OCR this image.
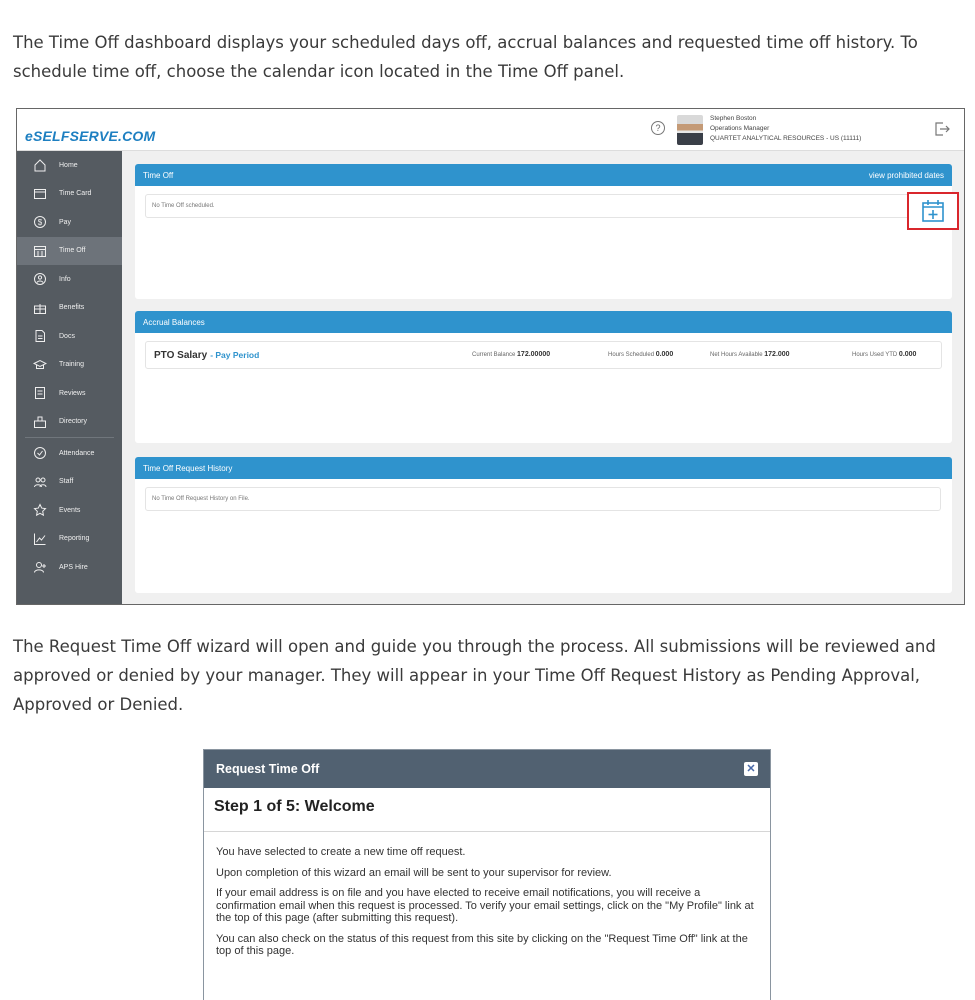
The Time Off dashboard displays your scheduled days off, accrual balances and requested time off history. To schedule time off, choose the calendar icon located in the Time Off panel.
eSELFSERVE.COM	?
Stephen Boston
Operations Manager
QUARTET ANALYTICAL RESOURCES - US (11111)
Home
Time Card
$ Pay
Time Off
Info
Benefits
Docs
Training
Reviews
Directory
Attendance
Staff
Events
Reporting
APS Hire
Time Off	view prohibited dates
No Time Off scheduled.
Accrual Balances
PTO Salary - Pay Period	Current Balance 172.00000	Hours Scheduled 0.000	Net Hours Available 172.000	Hours Used YTD 0.000
Time Off Request History
No Time Off Request History on File.
The Request Time Off wizard will open and guide you through the process. All submissions will be reviewed and approved or denied by your manager. They will appear in your Time Off Request History as Pending Approval, Approved or Denied.
Request Time Off	✕
Step 1 of 5: Welcome

You have selected to create a new time off request.

Upon completion of this wizard an email will be sent to your supervisor for review.

If your email address is on file and you have elected to receive email notifications, you will receive a confirmation email when this request is processed. To verify your email settings, click on the "My Profile" link at the top of this page (after submitting this request).

You can also check on the status of this request from this site by clicking on the "Request Time Off" link at the top of this page.
